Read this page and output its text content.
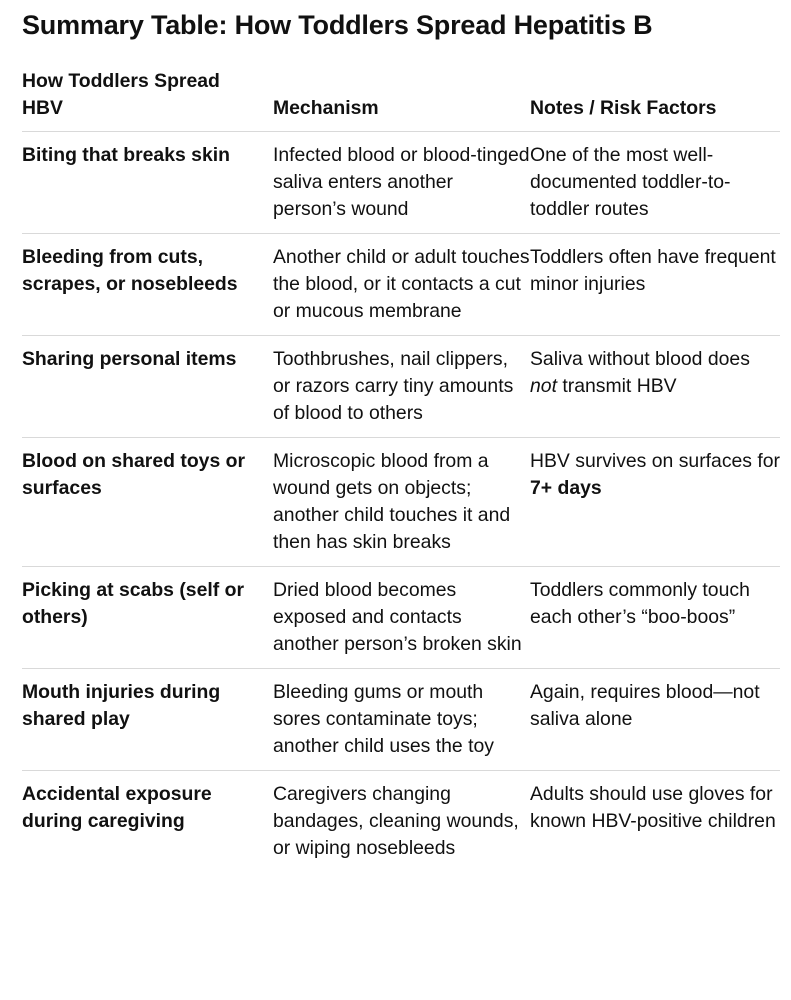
Summary Table: How Toddlers Spread Hepatitis B
How Toddlers Spread HBV	Mechanism	Notes / Risk Factors
Biting that breaks skin	Infected blood or blood-tinged saliva enters another person’s wound	One of the most well-documented toddler-to-toddler routes
Bleeding from cuts, scrapes, or nosebleeds	Another child or adult touches the blood, or it contacts a cut or mucous membrane	Toddlers often have frequent minor injuries
Sharing personal items	Toothbrushes, nail clippers, or razors carry tiny amounts of blood to others	Saliva without blood does not transmit HBV
Blood on shared toys or surfaces	Microscopic blood from a wound gets on objects; another child touches it and then has skin breaks	HBV survives on surfaces for 7+ days
Picking at scabs (self or others)	Dried blood becomes exposed and contacts another person’s broken skin	Toddlers commonly touch each other’s “boo-boos”
Mouth injuries during shared play	Bleeding gums or mouth sores contaminate toys; another child uses the toy	Again, requires blood—not saliva alone
Accidental exposure during caregiving	Caregivers changing bandages, cleaning wounds, or wiping nosebleeds	Adults should use gloves for known HBV-positive children
